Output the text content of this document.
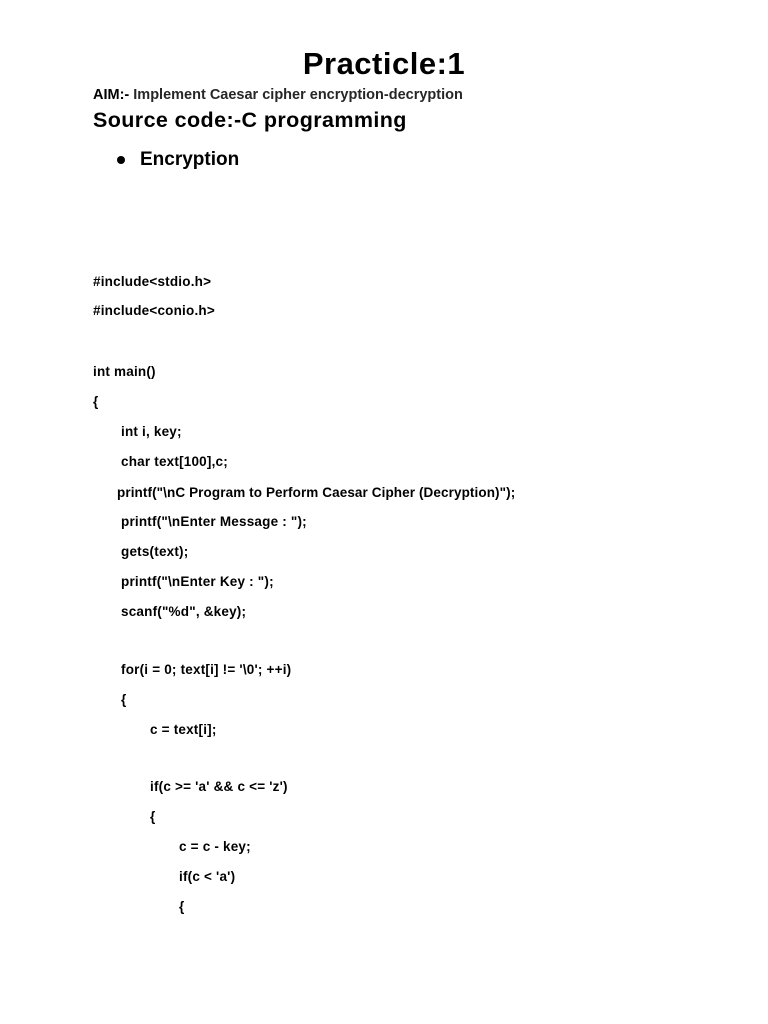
Practicle:1
AIM:- Implement Caesar cipher encryption-decryption
Source code:-C programming
Encryption
#include<stdio.h>
#include<conio.h>
int main()
{
int i, key;
char text[100],c;
printf("\nC Program to Perform Caesar Cipher (Decryption)");
printf("\nEnter Message : ");
gets(text);
printf("\nEnter Key : ");
scanf("%d", &key);
for(i = 0; text[i] != '\0'; ++i)
{
c = text[i];
if(c >= 'a' && c <= 'z')
{
c = c - key;
if(c < 'a')
{
